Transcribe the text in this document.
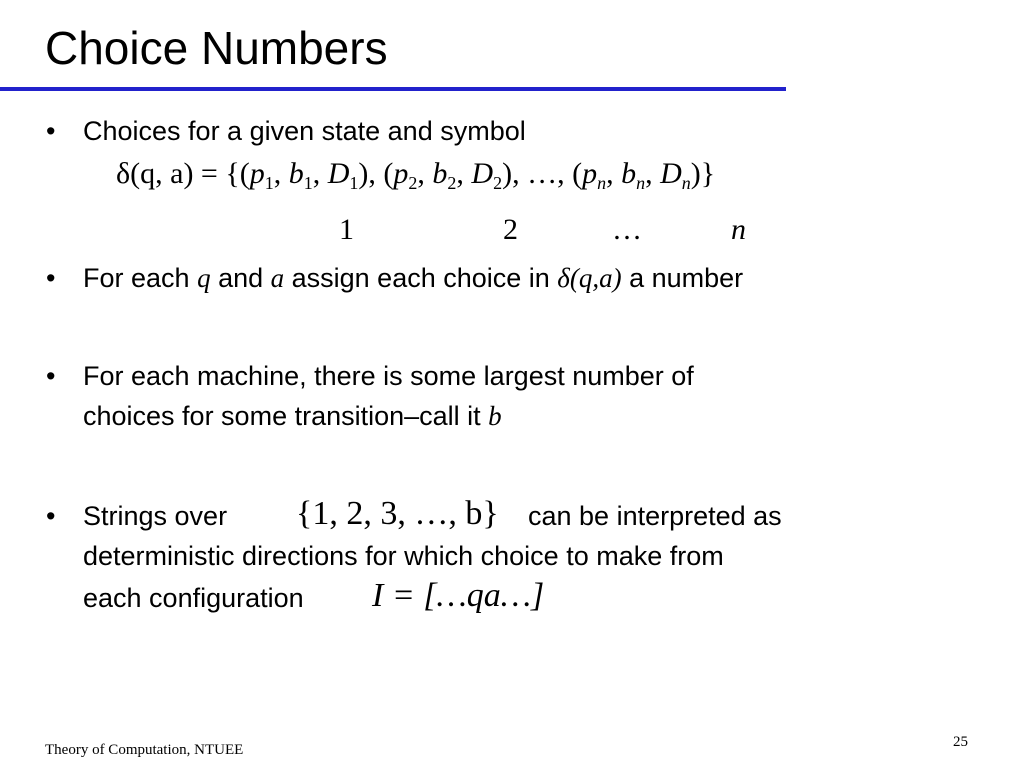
Choice Numbers
• Choices for a given state and symbol
δ(q, $a) = \{(p_1$, $b_1$, $D_1$), ($p_2$, $b_2$, $D_2$), …, ($p_n$, $b_n$, $D_n$)}
1	2	…	n
• For each q and a assign each choice in δ(q,a) a number
• For each machine, there is some largest number of
choices for some transition–call it b
• Strings over {1, 2, 3, …, b} can be interpreted as
deterministic directions for which choice to make from
each configuration I = […qa…]
Theory of Computation, NTUEE	25
